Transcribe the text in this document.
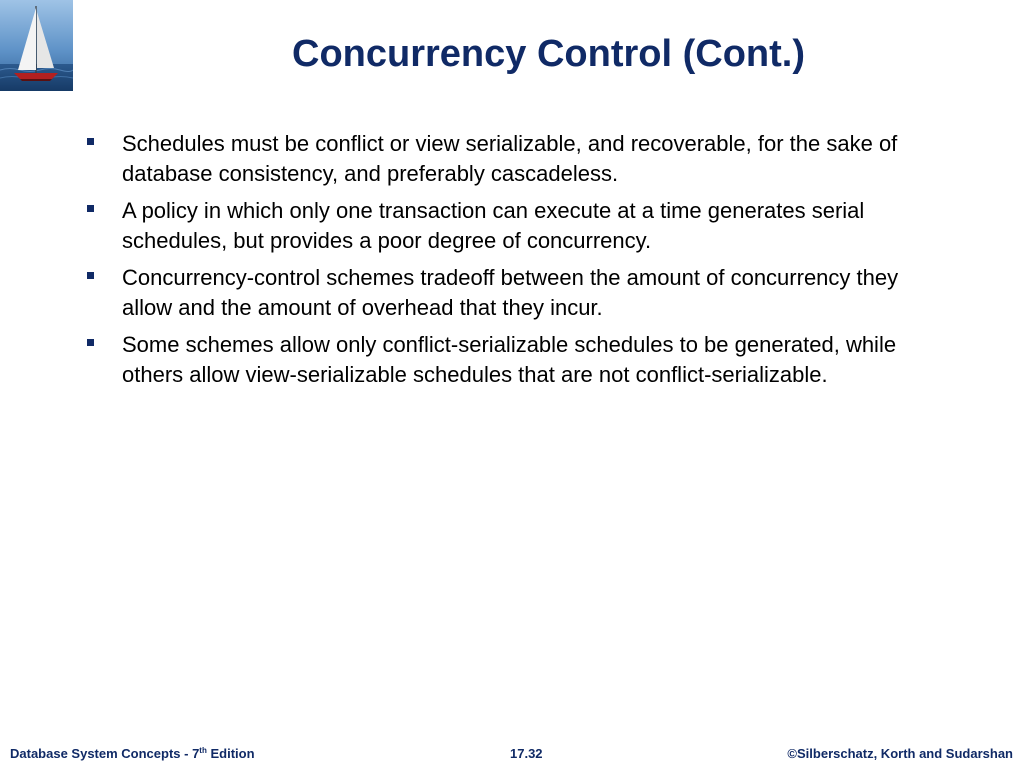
Concurrency Control (Cont.)
Schedules must be conflict or view serializable, and recoverable, for the sake of database consistency, and preferably cascadeless.
A policy in which only one transaction can execute at a time generates serial schedules, but provides a poor degree of concurrency.
Concurrency-control schemes tradeoff between the amount of concurrency they allow and the amount of overhead that they incur.
Some schemes allow only conflict-serializable schedules to be generated, while others allow view-serializable schedules that are not conflict-serializable.
Database System Concepts - 7th Edition	17.32	©Silberschatz, Korth and Sudarshan
